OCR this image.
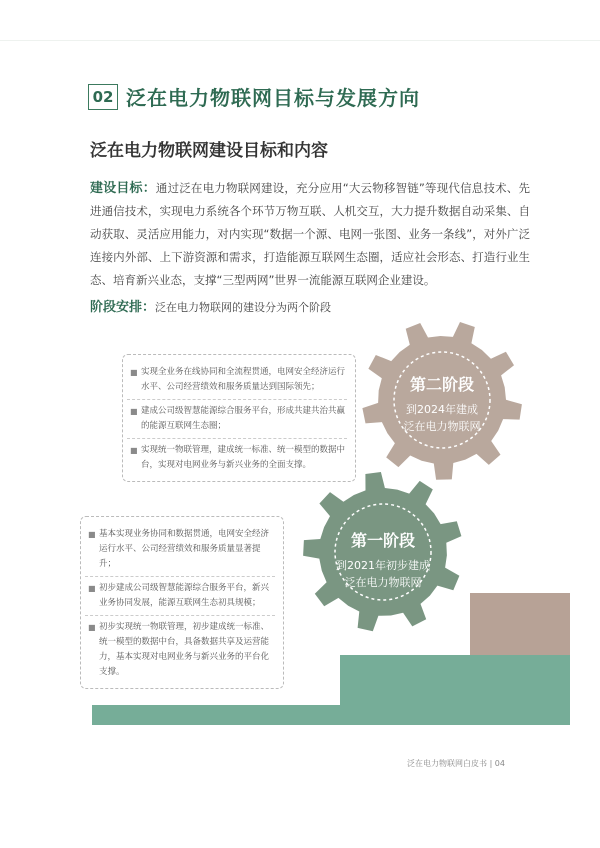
02 泛在电力物联网目标与发展方向
泛在电力物联网建设目标和内容
建设目标：通过泛在电力物联网建设，充分应用“大云物移智链”等现代信息技术、先进通信技术，实现电力系统各个环节万物互联、人机交互，大力提升数据自动采集、自动获取、灵活应用能力，对内实现“数据一个源、电网一张图、业务一条线”，对外广泛连接内外部、上下游资源和需求，打造能源互联网生态圈，适应社会形态、打造行业生态、培育新兴业态，支撑“三型两网”世界一流能源互联网企业建设。
阶段安排：泛在电力物联网的建设分为两个阶段
■ 实现全业务在线协同和全流程贯通，电网安全经济运行水平、公司经营绩效和服务质量达到国际领先；
■ 建成公司级智慧能源综合服务平台，形成共建共治共赢的能源互联网生态圈；
■ 实现统一物联管理，建成统一标准、统一模型的数据中台，实现对电网业务与新兴业务的全面支撑。
■ 基本实现业务协同和数据贯通，电网安全经济运行水平、公司经营绩效和服务质量显著提升；
■ 初步建成公司级智慧能源综合服务平台，新兴业务协同发展，能源互联网生态初具规模；
■ 初步实现统一物联管理，初步建成统一标准、统一模型的数据中台，具备数据共享及运营能力，基本实现对电网业务与新兴业务的平台化支撑。
第二阶段
到2024年建成
泛在电力物联网
第一阶段
到2021年初步建成
泛在电力物联网
泛在电力物联网白皮书 | 04
